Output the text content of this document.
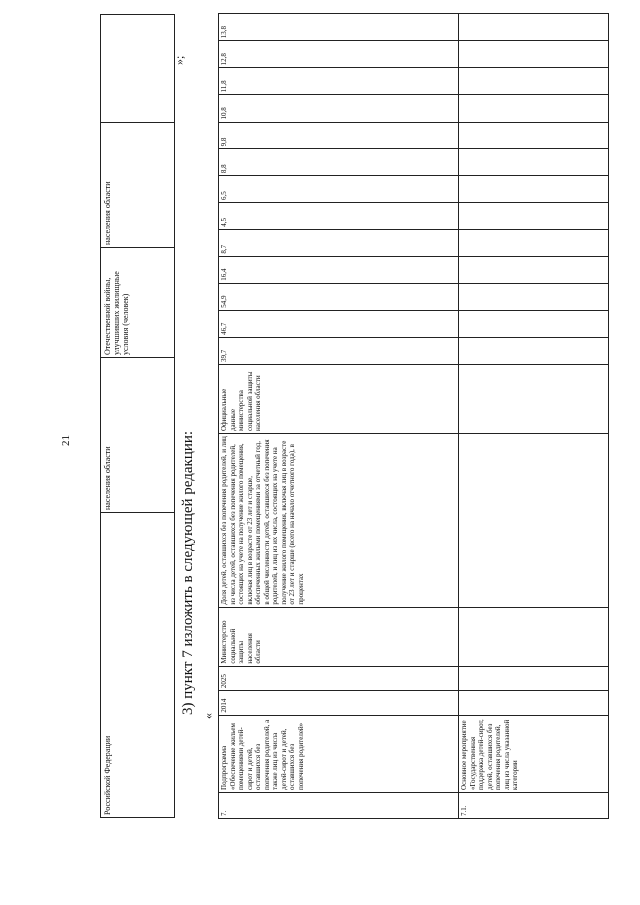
21
Российской Федерации	населения области	Отечественной войны, улучшивших жилищные условия (человек)	населения области	
3) пункт 7 изложить в следующей редакции:
«
»;
7.	Подпрограмма «Обеспечение жильем помещениями детей-сирот и детей, оставшихся без попечения родителей, а также лиц из числа детей-сирот и детей, оставшихся без попечения родителей»	2014	2025	Министерство социальной защиты населения области	Доля детей, оставшихся без попечения родителей, и лиц из числа детей, оставшихся без попечения родителей, состоящих на учете на получение жилого помещения, включая лиц в возрасте от 23 лет и старше, обеспеченных жилыми помещениями за отчетный год, в общей численности детей, оставшихся без попечения родителей, и лиц из их числа, состоящих на учете на получение жилого помещения, включая лиц в возрасте от 23 лет и старше (всего на начало отчетного года), в процентах	Официальные данные министерства социальной защиты населения области	39,7	46,7	54,9	16,4	8,7	4,5	6,5	8,8	9,8	10,8	11,8	12,8	13,8
7.1.	Основное мероприятие «Государственная поддержка детей-сирот, детей, оставшихся без попечения родителей, лиц из числа указанной категории																		
